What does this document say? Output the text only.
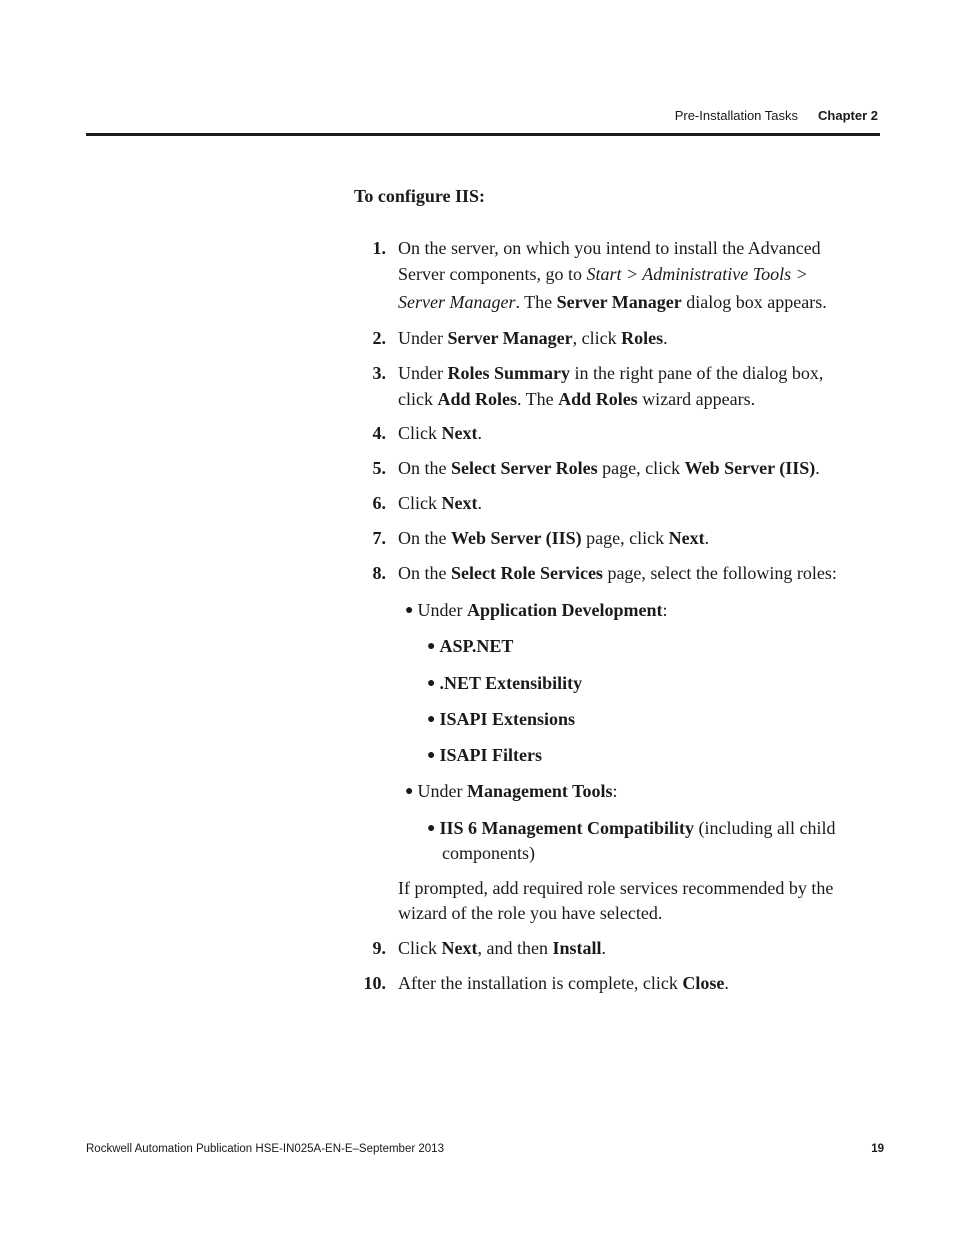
Pre-Installation Tasks Chapter 2
To configure IIS:
1. On the server, on which you intend to install the Advanced
Server components, go to Start > Administrative Tools >
Server Manager. The Server Manager dialog box appears.
2. Under Server Manager, click Roles.
3. Under Roles Summary in the right pane of the dialog box,
click Add Roles. The Add Roles wizard appears.
4. Click Next.
5. On the Select Server Roles page, click Web Server (IIS).
6. Click Next.
7. On the Web Server (IIS) page, click Next.
8. On the Select Role Services page, select the following roles:
● Under Application Development:
● ASP.NET
● .NET Extensibility
● ISAPI Extensions
● ISAPI Filters
● Under Management Tools:
● IIS 6 Management Compatibility (including all child
components)
If prompted, add required role services recommended by the
wizard of the role you have selected.
9. Click Next, and then Install.
10. After the installation is complete, click Close.
Rockwell Automation Publication HSE-IN025A-EN-E–September 2013	19
